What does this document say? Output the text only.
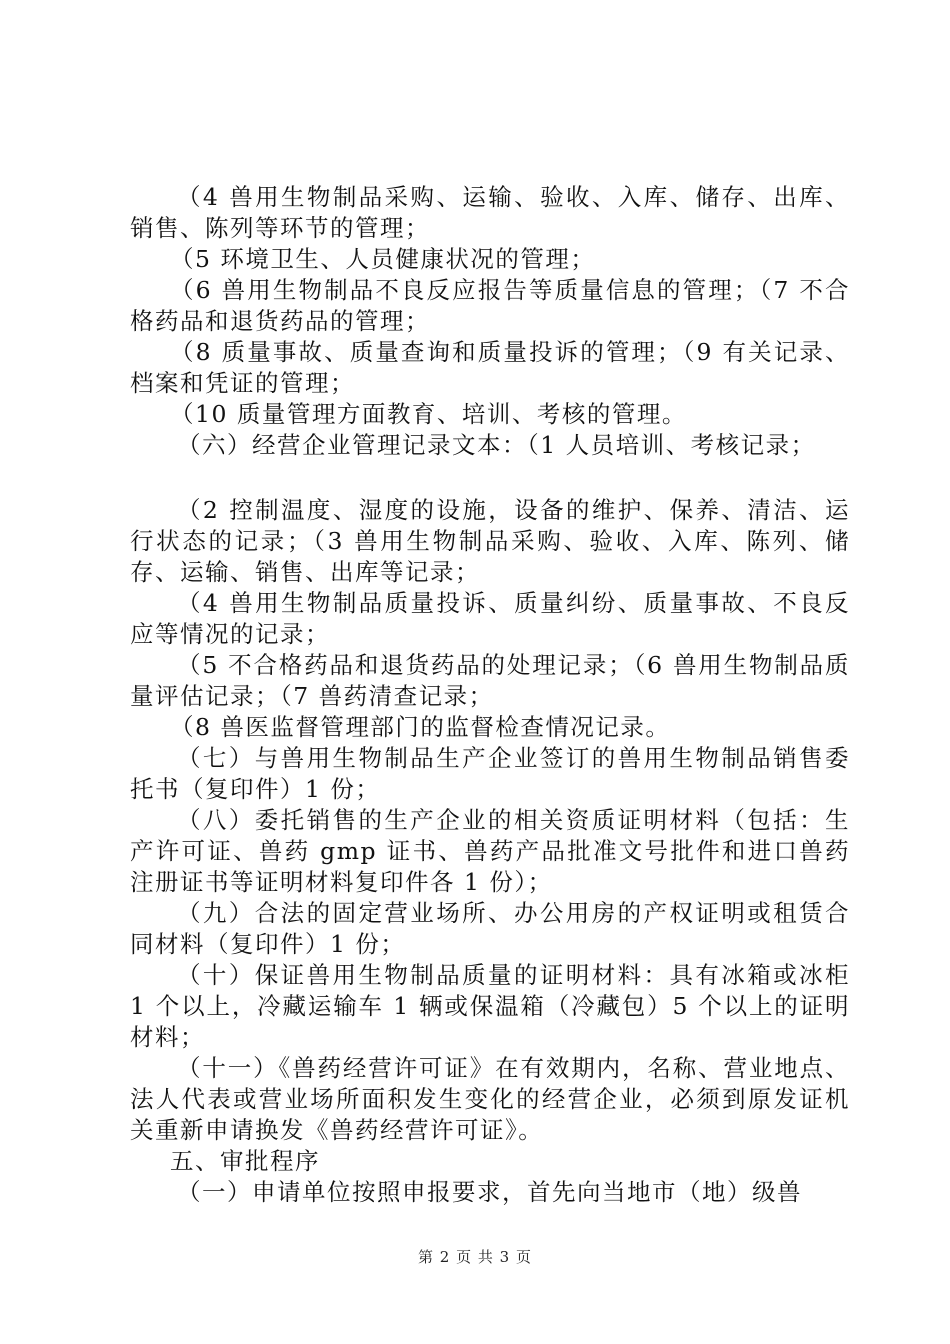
（4 兽用生物制品采购、运输、验收、入库、储存、出库、销售、陈列等环节的管理；

（5 环境卫生、人员健康状况的管理；

（6 兽用生物制品不良反应报告等质量信息的管理；（7 不合格药品和退货药品的管理；

（8 质量事故、质量查询和质量投诉的管理；（9 有关记录、档案和凭证的管理；

（10 质量管理方面教育、培训、考核的管理。

（六）经营企业管理记录文本：（1 人员培训、考核记录；

（2 控制温度、湿度的设施，设备的维护、保养、清洁、运行状态的记录；（3 兽用生物制品采购、验收、入库、陈列、储存、运输、销售、出库等记录；

（4 兽用生物制品质量投诉、质量纠纷、质量事故、不良反应等情况的记录；

（5 不合格药品和退货药品的处理记录；（6 兽用生物制品质量评估记录；（7 兽药清查记录；

（8 兽医监督管理部门的监督检查情况记录。

（七）与兽用生物制品生产企业签订的兽用生物制品销售委托书（复印件）1 份；

（八）委托销售的生产企业的相关资质证明材料（包括：生产许可证、兽药 gmp 证书、兽药产品批准文号批件和进口兽药注册证书等证明材料复印件各 1 份）；

（九）合法的固定营业场所、办公用房的产权证明或租赁合同材料（复印件）1 份；

（十）保证兽用生物制品质量的证明材料：具有冰箱或冰柜 1 个以上，冷藏运输车 1 辆或保温箱（冷藏包）5 个以上的证明材料；

（十一）《兽药经营许可证》在有效期内，名称、营业地点、法人代表或营业场所面积发生变化的经营企业，必须到原发证机关重新申请换发《兽药经营许可证》。

五、审批程序

（一）申请单位按照申报要求，首先向当地市（地）级兽

第 2 页 共 3 页
